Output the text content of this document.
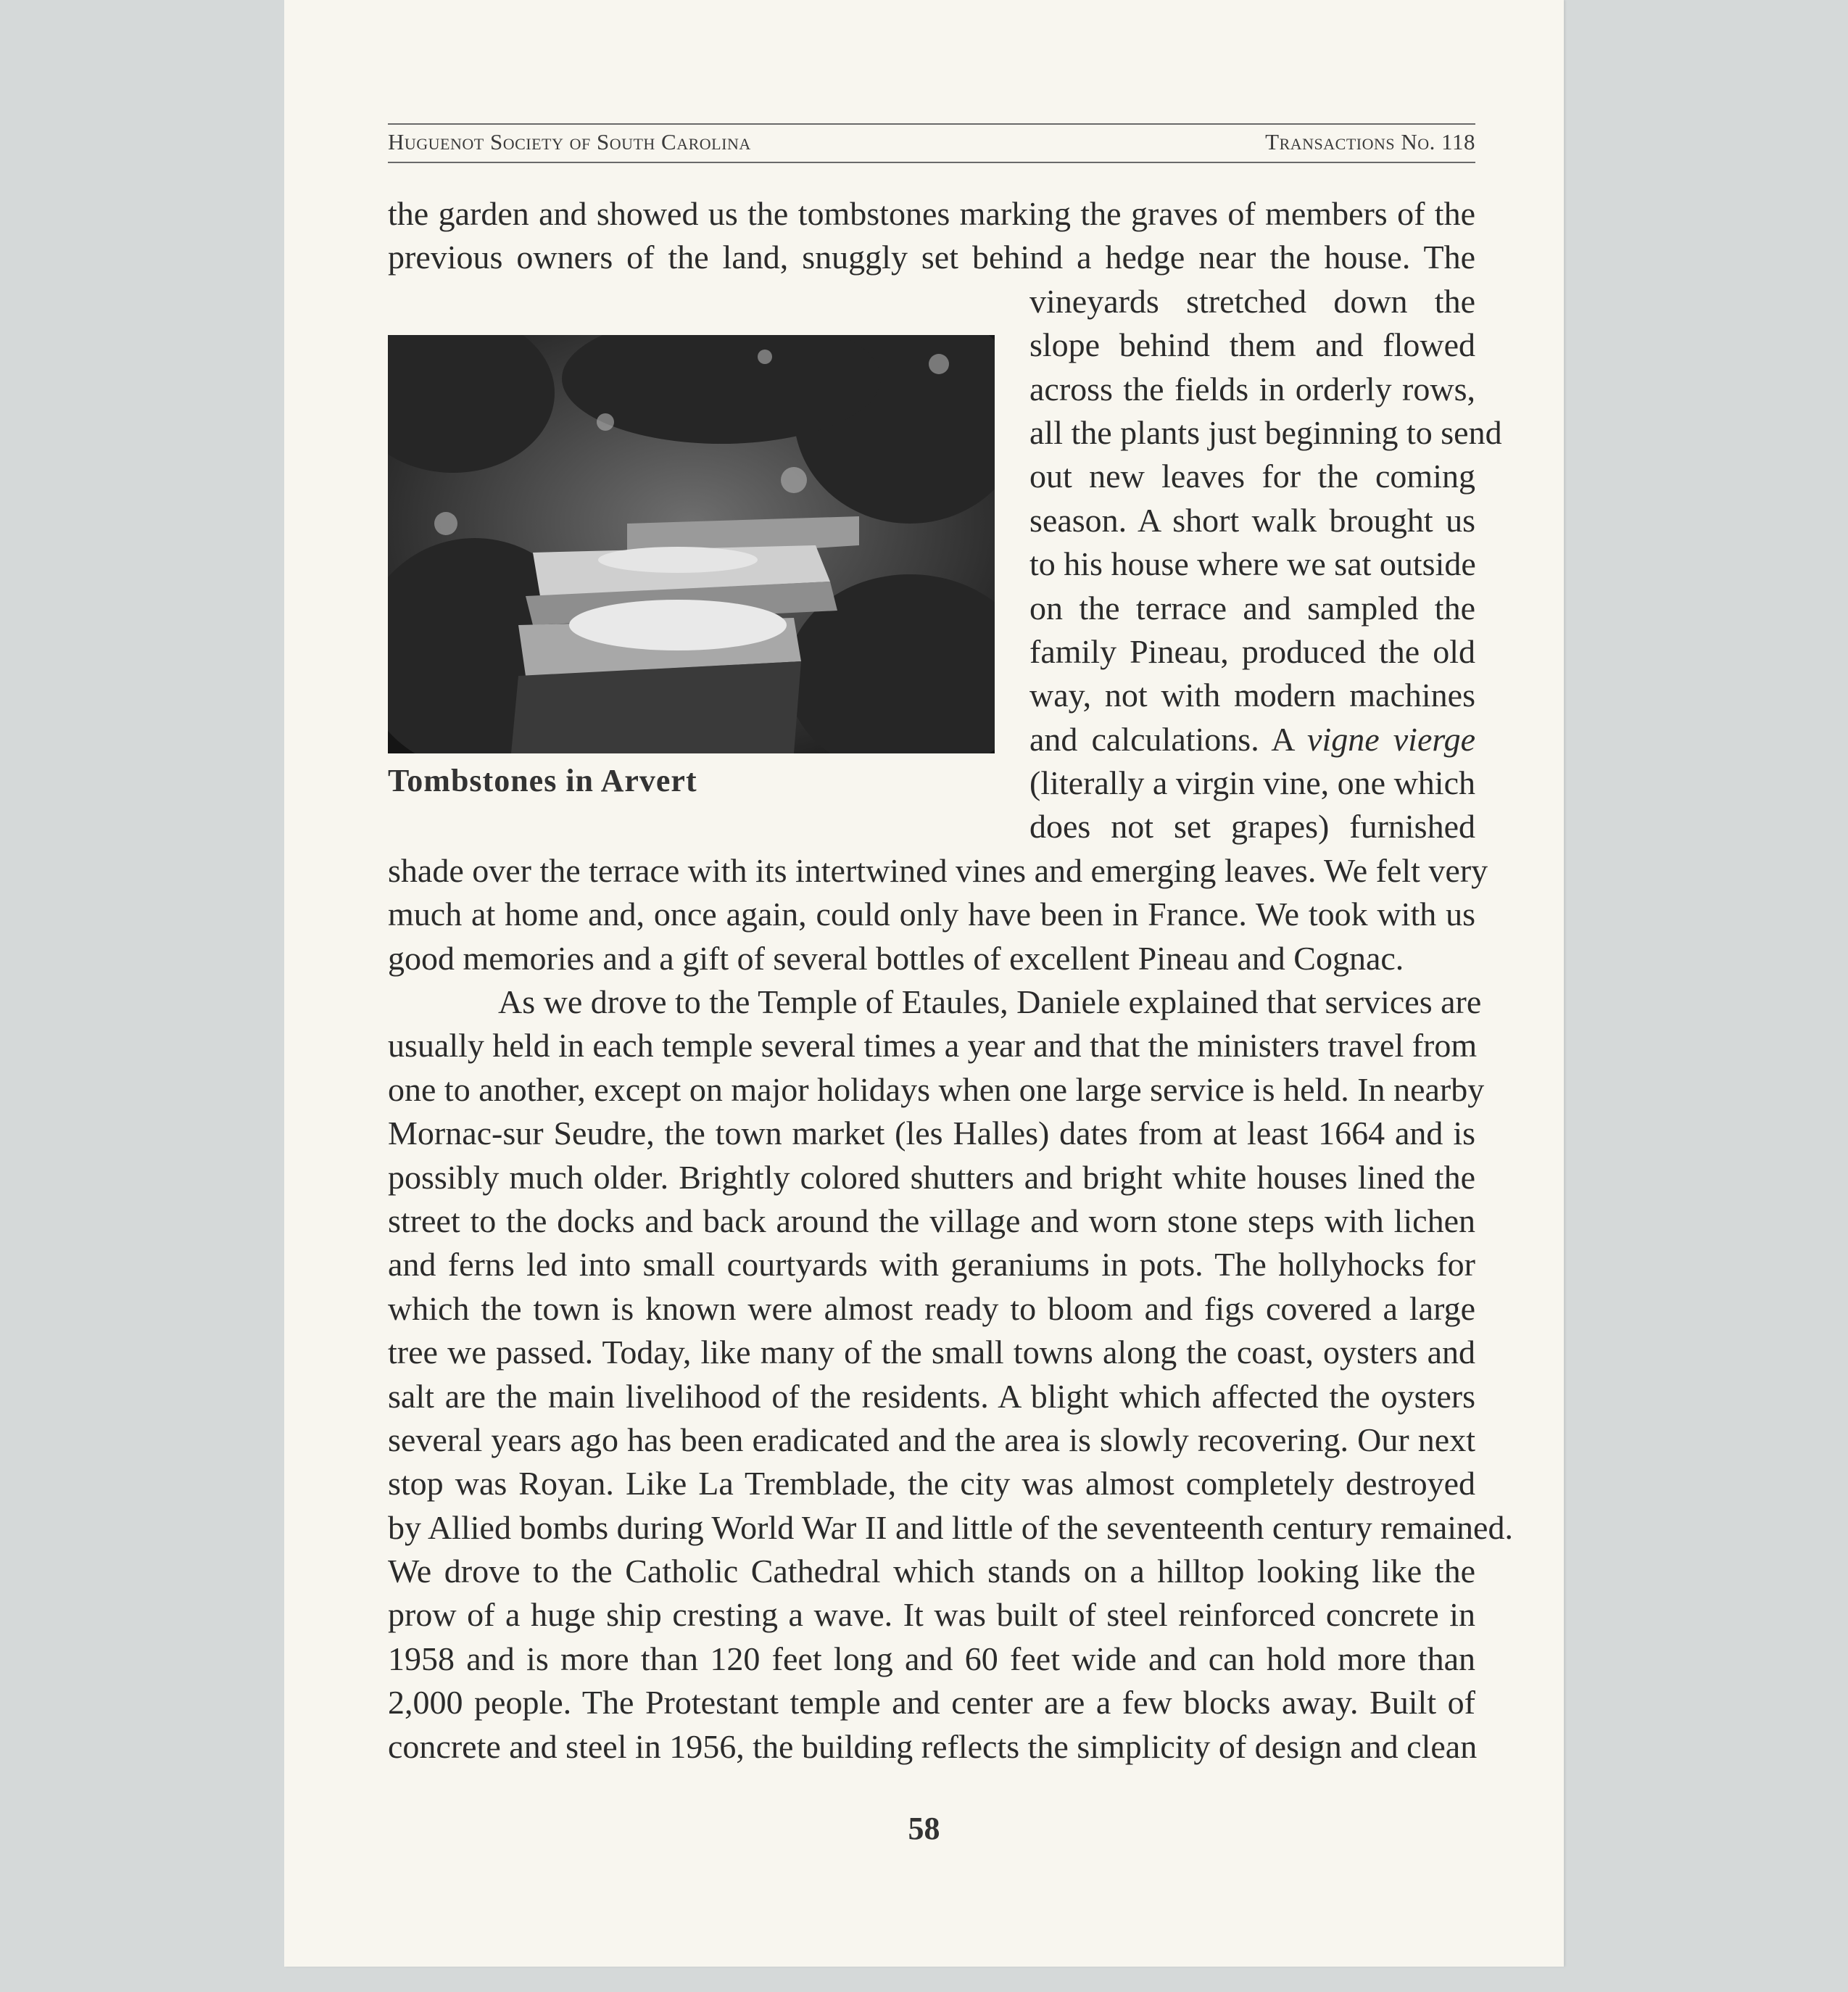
Huguenot Society of South Carolina	Transactions No. 118
the garden and showed us the tombstones marking the graves of members of the
previous owners of the land, snuggly set behind a hedge near the house. The
Tombstones in Arvert
vineyards stretched down the
slope behind them and flowed
across the fields in orderly rows,
all the plants just beginning to send
out new leaves for the coming
season. A short walk brought us
to his house where we sat outside
on the terrace and sampled the
family Pineau, produced the old
way, not with modern machines
and calculations. A vigne vierge
(literally a virgin vine, one which
does not set grapes) furnished
shade over the terrace with its intertwined vines and emerging leaves. We felt very
much at home and, once again, could only have been in France. We took with us
good memories and a gift of several bottles of excellent Pineau and Cognac.
As we drove to the Temple of Etaules, Daniele explained that services are
usually held in each temple several times a year and that the ministers travel from
one to another, except on major holidays when one large service is held. In nearby
Mornac-sur Seudre, the town market (les Halles) dates from at least 1664 and is
possibly much older. Brightly colored shutters and bright white houses lined the
street to the docks and back around the village and worn stone steps with lichen
and ferns led into small courtyards with geraniums in pots. The hollyhocks for
which the town is known were almost ready to bloom and figs covered a large
tree we passed. Today, like many of the small towns along the coast, oysters and
salt are the main livelihood of the residents. A blight which affected the oysters
several years ago has been eradicated and the area is slowly recovering. Our next
stop was Royan. Like La Tremblade, the city was almost completely destroyed
by Allied bombs during World War II and little of the seventeenth century remained.
We drove to the Catholic Cathedral which stands on a hilltop looking like the
prow of a huge ship cresting a wave. It was built of steel reinforced concrete in
1958 and is more than 120 feet long and 60 feet wide and can hold more than
2,000 people. The Protestant temple and center are a few blocks away. Built of
concrete and steel in 1956, the building reflects the simplicity of design and clean
58
